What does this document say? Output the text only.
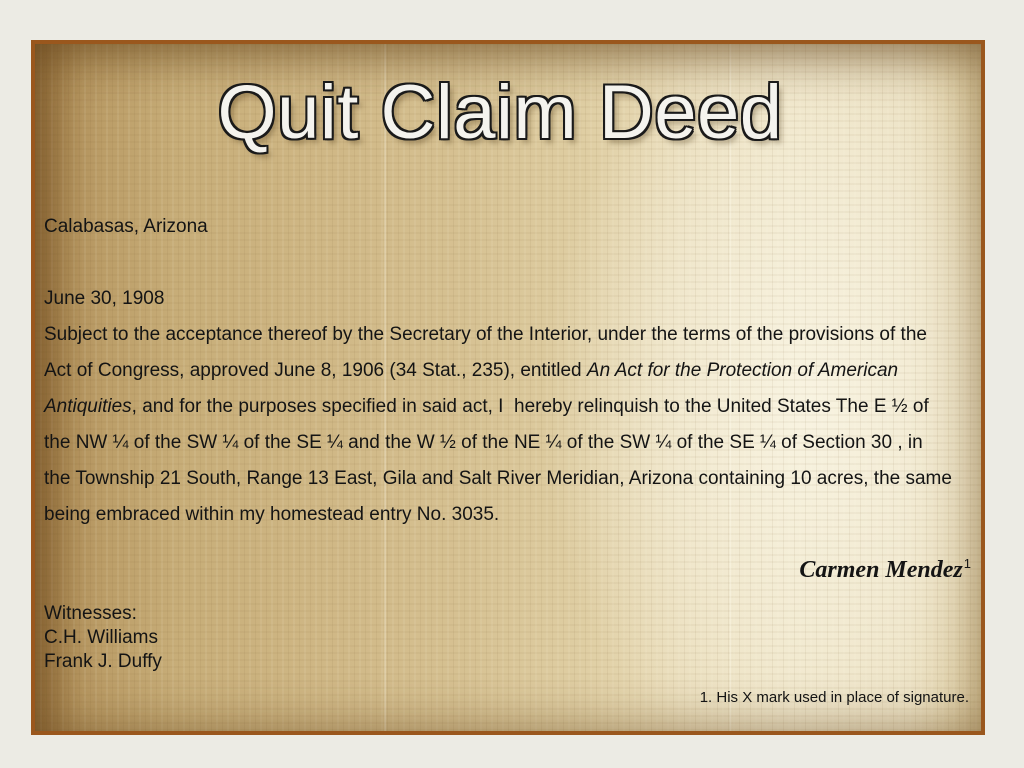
Quit Claim Deed
Calabasas, Arizona
June 30, 1908
Subject to the acceptance thereof by the Secretary of the Interior, under the terms of the provisions of the
Act of Congress, approved June 8, 1906 (34 Stat., 235), entitled An Act for the Protection of American
Antiquities, and for the purposes specified in said act, I  hereby relinquish to the United States The E ½ of
the NW ¼ of the SW ¼ of the SE ¼ and the W ½ of the NE ¼ of the SW ¼ of the SE ¼ of Section 30 , in
the Township 21 South, Range 13 East, Gila and Salt River Meridian, Arizona containing 10 acres, the same
being embraced within my homestead entry No. 3035.
Carmen Mendez$^1$
Witnesses:
C.H. Williams
Frank J. Duffy
1. His X mark used in place of signature.
